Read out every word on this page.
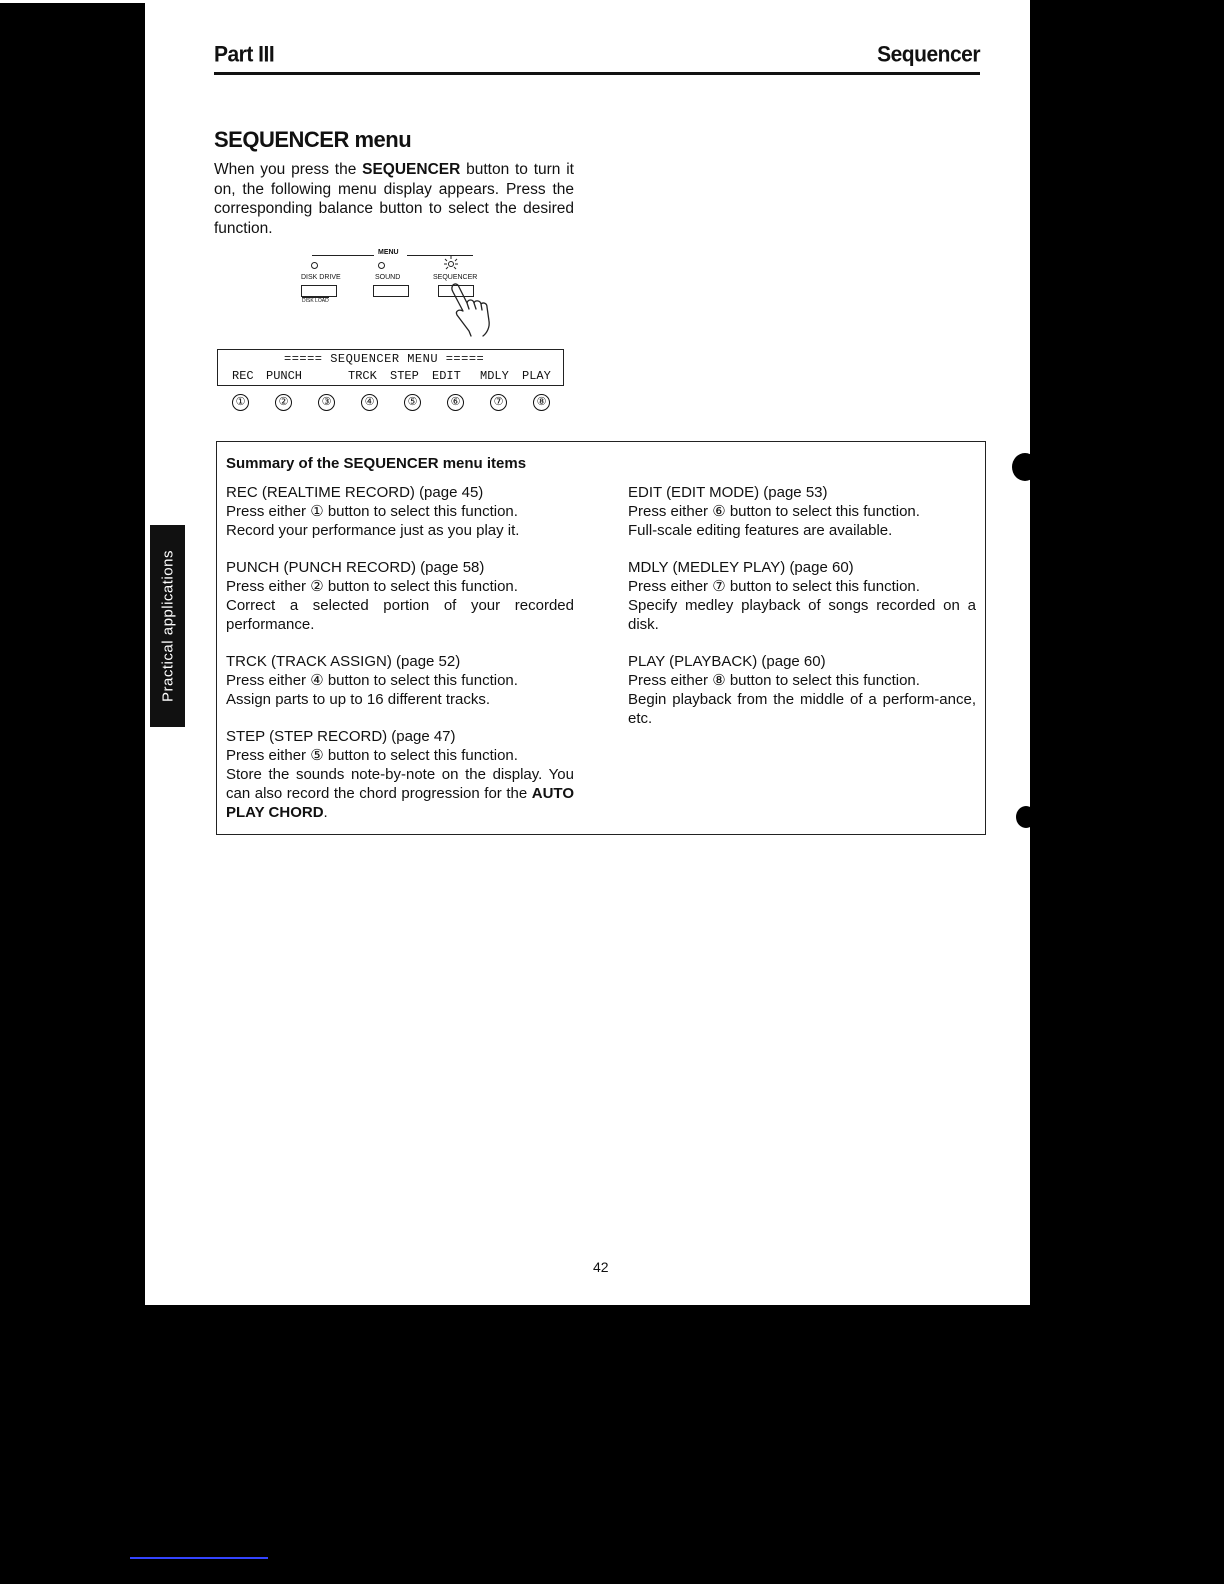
Part III	Sequencer
Practical applications
SEQUENCER menu

When you press the SEQUENCER button to turn it on, the following menu display appears. Press the corresponding balance button to select the desired function.

MENU
DISK DRIVE	SOUND	SEQUENCER
DISK LOAD
===== SEQUENCER MENU =====
REC PUNCH	TRCK STEP EDIT MDLY PLAY
①	②	③	④	⑤	⑥	⑦	⑧
Summary of the SEQUENCER menu items

REC (REALTIME RECORD) (page 45)

Press either ① button to select this function.

Record your performance just as you play it.

PUNCH (PUNCH RECORD) (page 58)

Press either ② button to select this function.

Correct a selected portion of your recorded performance.

TRCK (TRACK ASSIGN) (page 52)

Press either ④ button to select this function.

Assign parts to up to 16 different tracks.

STEP (STEP RECORD) (page 47)

Press either ⑤ button to select this function.

Store the sounds note-by-note on the display. You can also record the chord progression for the AUTO PLAY CHORD.

EDIT (EDIT MODE) (page 53)

Press either ⑥ button to select this function.

Full-scale editing features are available.

MDLY (MEDLEY PLAY) (page 60)

Press either ⑦ button to select this function.

Specify medley playback of songs recorded on a disk.

PLAY (PLAYBACK) (page 60)

Press either ⑧ button to select this function.

Begin playback from the middle of a perform-ance, etc.

42
